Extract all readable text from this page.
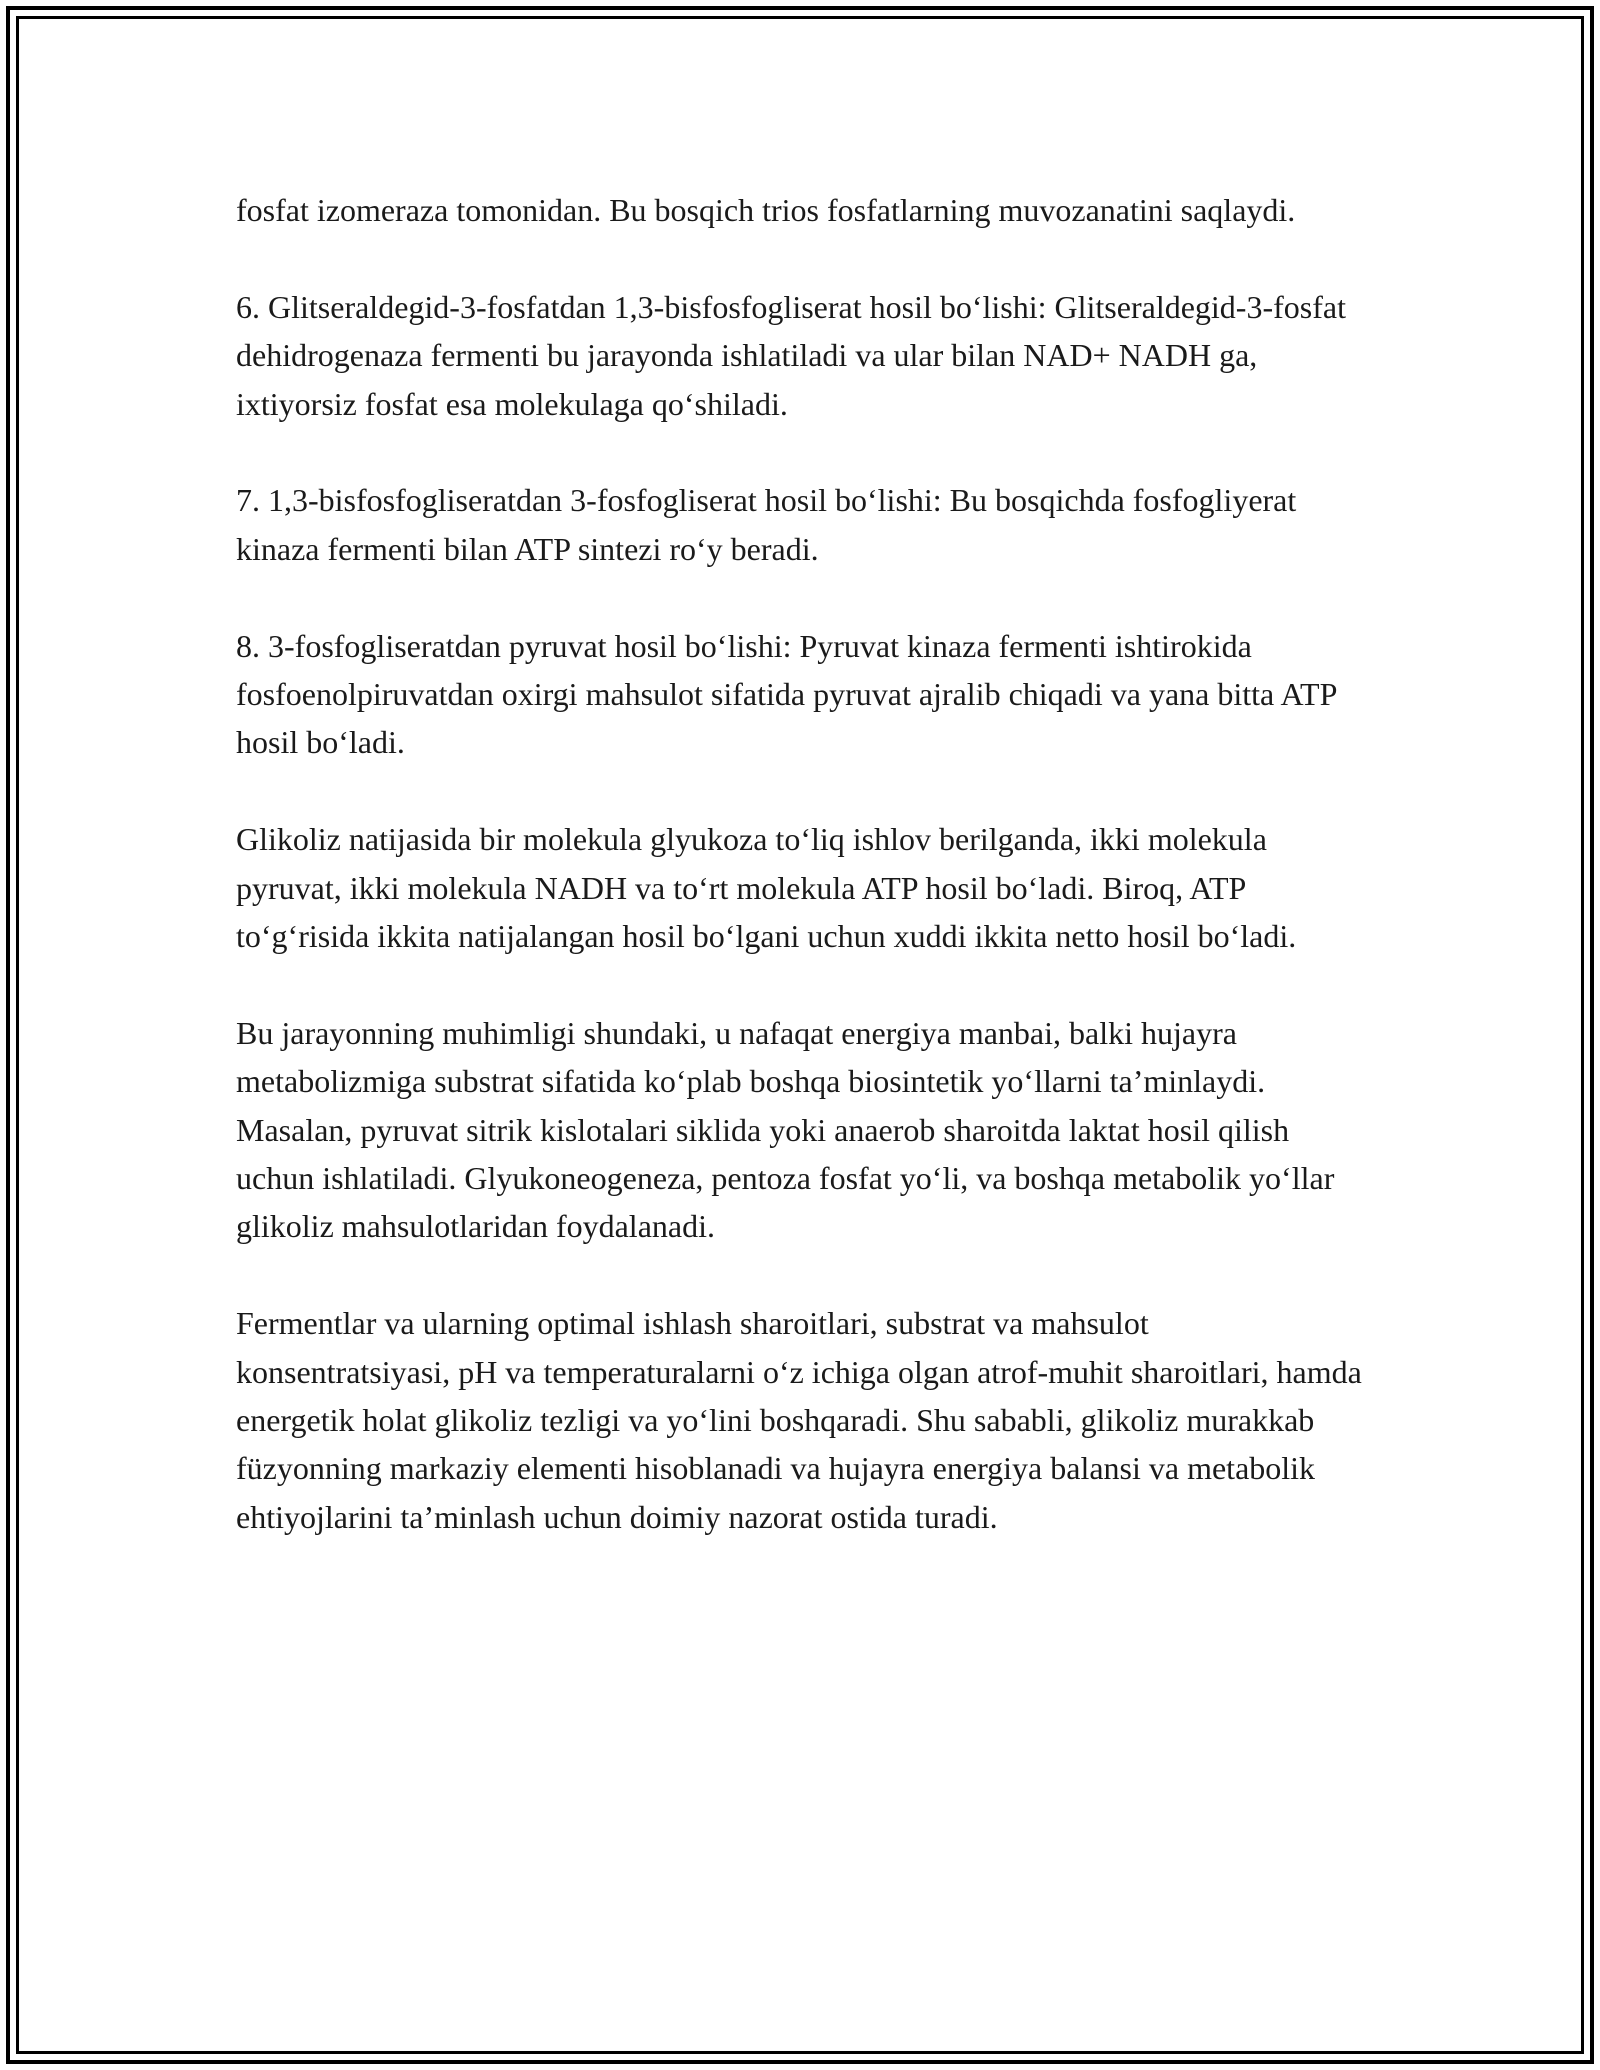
fosfat izomeraza tomonidan. Bu bosqich trios fosfatlarning muvozanatini saqlaydi.

6. Glitseraldegid-3-fosfatdan 1,3-bisfosfogliserat hosil bo‘lishi: Glitseraldegid-3-fosfat dehidrogenaza fermenti bu jarayonda ishlatiladi va ular bilan NAD+ NADH ga, ixtiyorsiz fosfat esa molekulaga qo‘shiladi.

7. 1,3-bisfosfogliseratdan 3-fosfogliserat hosil bo‘lishi: Bu bosqichda fosfogliyerat kinaza fermenti bilan ATP sintezi ro‘y beradi.

8. 3-fosfogliseratdan pyruvat hosil bo‘lishi: Pyruvat kinaza fermenti ishtirokida fosfoenolpiruvatdan oxirgi mahsulot sifatida pyruvat ajralib chiqadi va yana bitta ATP hosil bo‘ladi.

Glikoliz natijasida bir molekula glyukoza to‘liq ishlov berilganda, ikki molekula pyruvat, ikki molekula NADH va to‘rt molekula ATP hosil bo‘ladi. Biroq, ATP to‘g‘risida ikkita natijalangan hosil bo‘lgani uchun xuddi ikkita netto hosil bo‘ladi.

Bu jarayonning muhimligi shundaki, u nafaqat energiya manbai, balki hujayra metabolizmiga substrat sifatida ko‘plab boshqa biosintetik yo‘llarni ta’minlaydi. Masalan, pyruvat sitrik kislotalari siklida yoki anaerob sharoitda laktat hosil qilish uchun ishlatiladi. Glyukoneogeneza, pentoza fosfat yo‘li, va boshqa metabolik yo‘llar glikoliz mahsulotlaridan foydalanadi.

Fermentlar va ularning optimal ishlash sharoitlari, substrat va mahsulot konsentratsiyasi, pH va temperaturalarni o‘z ichiga olgan atrof-muhit sharoitlari, hamda energetik holat glikoliz tezligi va yo‘lini boshqaradi. Shu sababli, glikoliz murakkab füzyonning markaziy elementi hisoblanadi va hujayra energiya balansi va metabolik ehtiyojlarini ta’minlash uchun doimiy nazorat ostida turadi.
